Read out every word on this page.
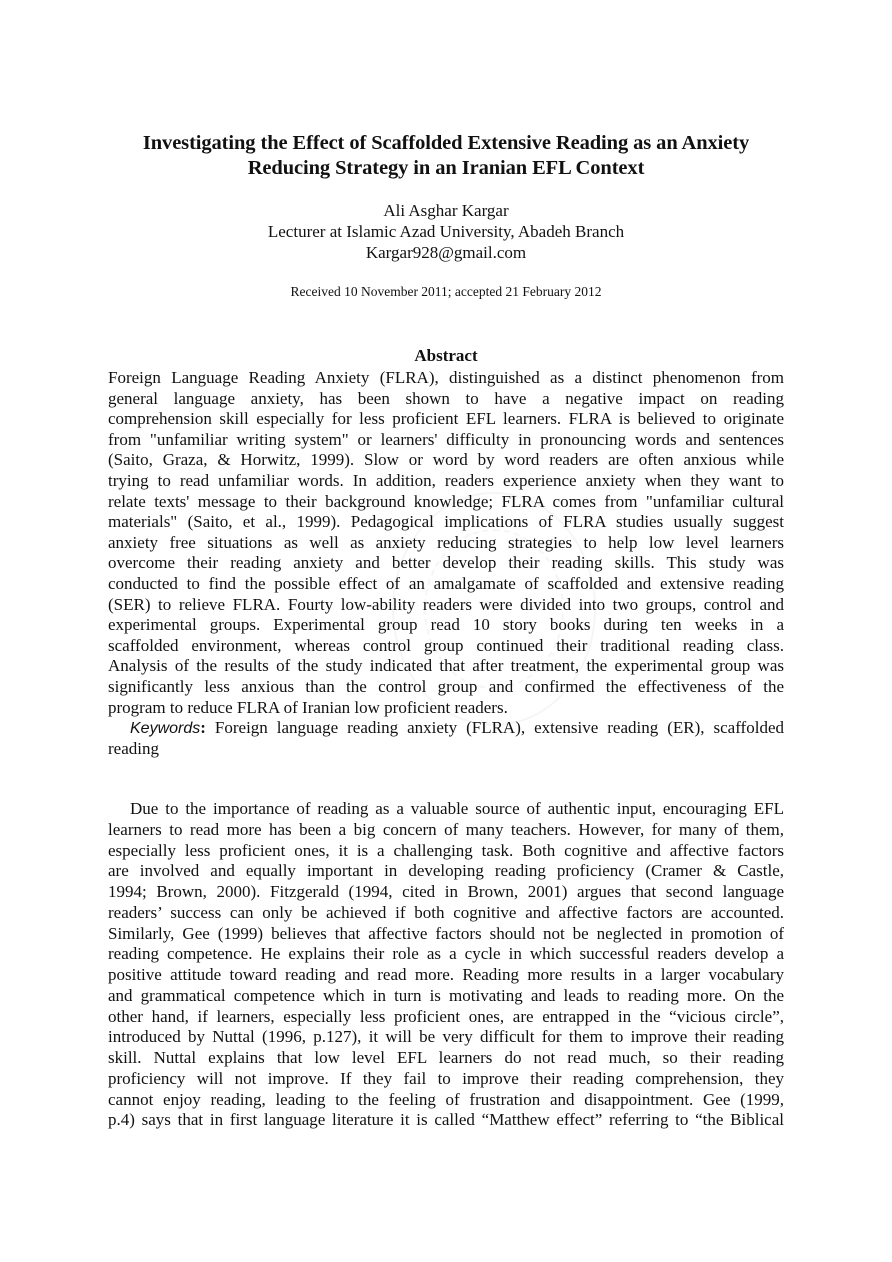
Investigating the Effect of Scaffolded Extensive Reading as an Anxiety
Reducing Strategy in an Iranian EFL Context
Ali Asghar Kargar
Lecturer at Islamic Azad University, Abadeh Branch
Kargar928@gmail.com
Received 10 November 2011; accepted 21 February 2012
Abstract
Foreign Language Reading Anxiety (FLRA), distinguished as a distinct phenomenon from
general language anxiety, has been shown to have a negative impact on reading
comprehension skill especially for less proficient EFL learners. FLRA is believed to originate
from "unfamiliar writing system" or learners' difficulty in pronouncing words and sentences
(Saito, Graza, & Horwitz, 1999). Slow or word by word readers are often anxious while
trying to read unfamiliar words. In addition, readers experience anxiety when they want to
relate texts' message to their background knowledge; FLRA comes from "unfamiliar cultural
materials" (Saito, et al., 1999). Pedagogical implications of FLRA studies usually suggest
anxiety free situations as well as anxiety reducing strategies to help low level learners
overcome their reading anxiety and better develop their reading skills. This study was
conducted to find the possible effect of an amalgamate of scaffolded and extensive reading
(SER) to relieve FLRA. Fourty low-ability readers were divided into two groups, control and
experimental groups. Experimental group read 10 story books during ten weeks in a
scaffolded environment, whereas control group continued their traditional reading class.
Analysis of the results of the study indicated that after treatment, the experimental group was
significantly less anxious than the control group and confirmed the effectiveness of the
program to reduce FLRA of Iranian low proficient readers.
Keywords: Foreign language reading anxiety (FLRA), extensive reading (ER), scaffolded
reading
Due to the importance of reading as a valuable source of authentic input, encouraging EFL
learners to read more has been a big concern of many teachers. However, for many of them,
especially less proficient ones, it is a challenging task. Both cognitive and affective factors
are involved and equally important in developing reading proficiency (Cramer & Castle,
1994; Brown, 2000). Fitzgerald (1994, cited in Brown, 2001) argues that second language
readers’ success can only be achieved if both cognitive and affective factors are accounted.
Similarly, Gee (1999) believes that affective factors should not be neglected in promotion of
reading competence. He explains their role as a cycle in which successful readers develop a
positive attitude toward reading and read more. Reading more results in a larger vocabulary
and grammatical competence which in turn is motivating and leads to reading more. On the
other hand, if learners, especially less proficient ones, are entrapped in the “vicious circle”,
introduced by Nuttal (1996, p.127), it will be very difficult for them to improve their reading
skill. Nuttal explains that low level EFL learners do not read much, so their reading
proficiency will not improve. If they fail to improve their reading comprehension, they
cannot enjoy reading, leading to the feeling of frustration and disappointment. Gee (1999,
p.4) says that in first language literature it is called “Matthew effect” referring to “the Biblical
